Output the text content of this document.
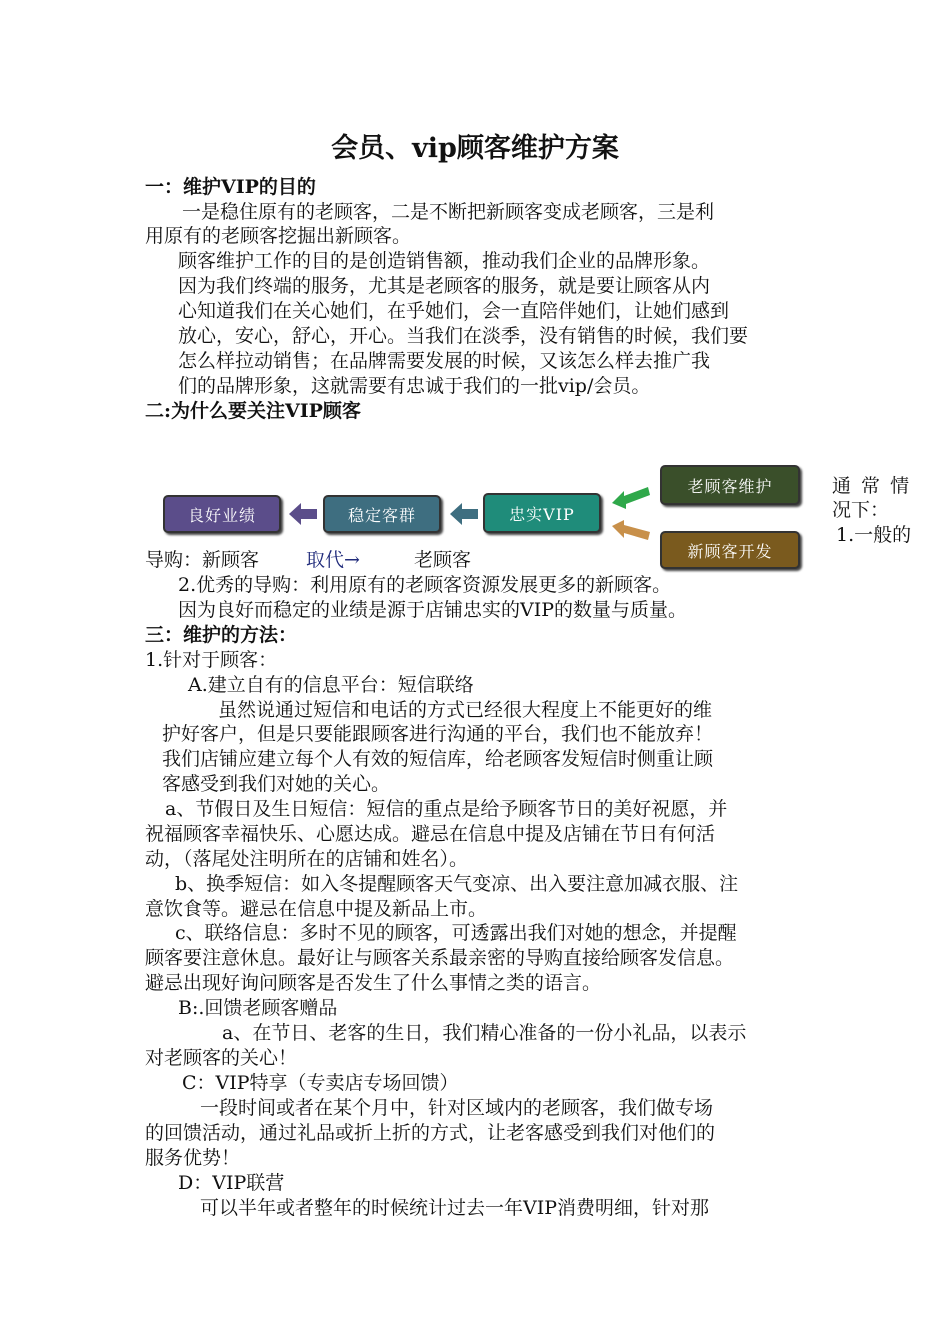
会员、vip顾客维护方案
一：维护VIP的目的
一是稳住原有的老顾客，二是不断把新顾客变成老顾客，三是利
用原有的老顾客挖掘出新顾客。
顾客维护工作的目的是创造销售额，推动我们企业的品牌形象。
因为我们终端的服务，尤其是老顾客的服务，就是要让顾客从内
心知道我们在关心她们，在乎她们，会一直陪伴她们，让她们感到
放心，安心，舒心，开心。当我们在淡季，没有销售的时候，我们要
怎么样拉动销售；在品牌需要发展的时候，又该怎么样去推广我
们的品牌形象，这就需要有忠诚于我们的一批vip/会员。
二:为什么要关注VIP顾客
良好业绩	稳定客群	忠实VIP
老顾客维护
新顾客开发
通 常 情
况下：
1.一般的
导购：新顾客 取代→	老顾客
2.优秀的导购：利用原有的老顾客资源发展更多的新顾客。
因为良好而稳定的业绩是源于店铺忠实的VIP的数量与质量。
三：维护的方法：
1.针对于顾客：
A.建立自有的信息平台：短信联络
虽然说通过短信和电话的方式已经很大程度上不能更好的维
护好客户，但是只要能跟顾客进行沟通的平台，我们也不能放弃！
我们店铺应建立每个人有效的短信库，给老顾客发短信时侧重让顾
客感受到我们对她的关心。
a、节假日及生日短信：短信的重点是给予顾客节日的美好祝愿，并
祝福顾客幸福快乐、心愿达成。避忌在信息中提及店铺在节日有何活
动，（落尾处注明所在的店铺和姓名）。
b、换季短信：如入冬提醒顾客天气变凉、出入要注意加减衣服、注
意饮食等。避忌在信息中提及新品上市。
c、联络信息：多时不见的顾客，可透露出我们对她的想念，并提醒
顾客要注意休息。最好让与顾客关系最亲密的导购直接给顾客发信息。
避忌出现好询问顾客是否发生了什么事情之类的语言。
B:.回馈老顾客赠品
a、在节日、老客的生日，我们精心准备的一份小礼品，以表示
对老顾客的关心！
C：VIP特享（专卖店专场回馈）
一段时间或者在某个月中，针对区域内的老顾客，我们做专场
的回馈活动，通过礼品或折上折的方式，让老客感受到我们对他们的
服务优势！
D：VIP联营
可以半年或者整年的时候统计过去一年VIP消费明细，针对那
